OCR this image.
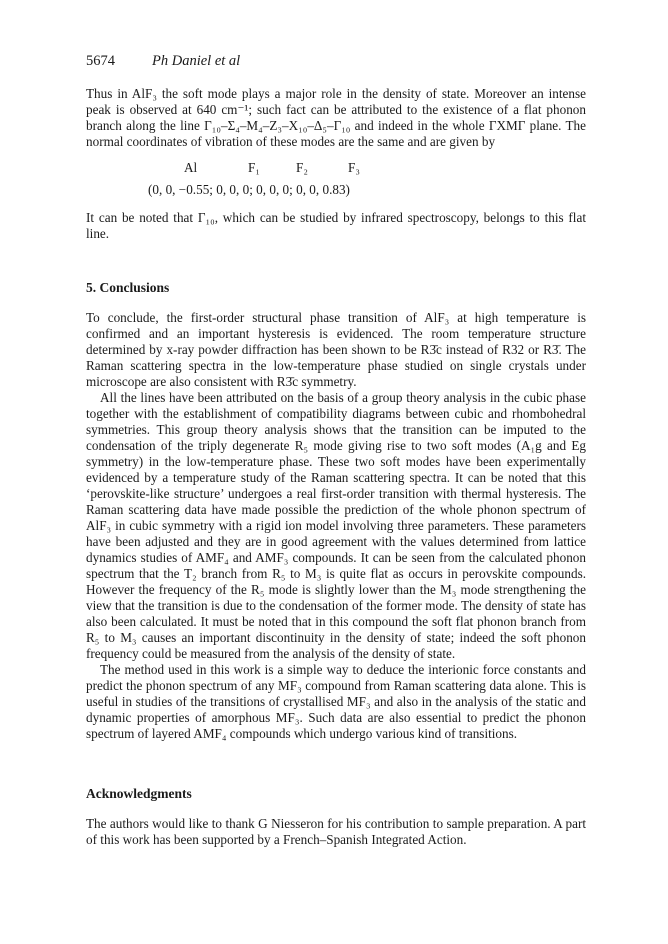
5674	Ph Daniel et al

Thus in AlF₃ the soft mode plays a major role in the density of state. Moreover an intense peak is observed at 640 cm⁻¹; such fact can be attributed to the existence of a flat phonon branch along the line Γ₁₀–Σ₄–M₄–Z₃–X₁₀–Δ₅–Γ₁₀ and indeed in the whole ΓXMΓ plane. The normal coordinates of vibration of these modes are the same and are given by

Al	F₁	F₂	F₃
(0, 0, −0.55; 0, 0, 0; 0, 0, 0; 0, 0, 0.83)

It can be noted that Γ₁₀, which can be studied by infrared spectroscopy, belongs to this flat line.

5. Conclusions

To conclude, the first-order structural phase transition of AlF₃ at high temperature is confirmed and an important hysteresis is evidenced. The room temperature structure determined by x-ray powder diffraction has been shown to be R3̄c instead of R32 or R3̄. The Raman scattering spectra in the low-temperature phase studied on single crystals under microscope are also consistent with R3̄c symmetry.

All the lines have been attributed on the basis of a group theory analysis in the cubic phase together with the establishment of compatibility diagrams between cubic and rhombohedral symmetries. This group theory analysis shows that the transition can be imputed to the condensation of the triply degenerate R₅ mode giving rise to two soft modes (A₁g and Eg symmetry) in the low-temperature phase. These two soft modes have been experimentally evidenced by a temperature study of the Raman scattering spectra. It can be noted that this ‘perovskite-like structure’ undergoes a real first-order transition with thermal hysteresis. The Raman scattering data have made possible the prediction of the whole phonon spectrum of AlF₃ in cubic symmetry with a rigid ion model involving three parameters. These parameters have been adjusted and they are in good agreement with the values determined from lattice dynamics studies of AMF₄ and AMF₃ compounds. It can be seen from the calculated phonon spectrum that the T₂ branch from R₅ to M₃ is quite flat as occurs in perovskite compounds. However the frequency of the R₅ mode is slightly lower than the M₃ mode strengthening the view that the transition is due to the condensation of the former mode. The density of state has also been calculated. It must be noted that in this compound the soft flat phonon branch from R₅ to M₃ causes an important discontinuity in the density of state; indeed the soft phonon frequency could be measured from the analysis of the density of state.

The method used in this work is a simple way to deduce the interionic force constants and predict the phonon spectrum of any MF₃ compound from Raman scattering data alone. This is useful in studies of the transitions of crystallised MF₃ and also in the analysis of the static and dynamic properties of amorphous MF₃. Such data are also essential to predict the phonon spectrum of layered AMF₄ compounds which undergo various kind of transitions.

Acknowledgments

The authors would like to thank G Niesseron for his contribution to sample preparation. A part of this work has been supported by a French–Spanish Integrated Action.
